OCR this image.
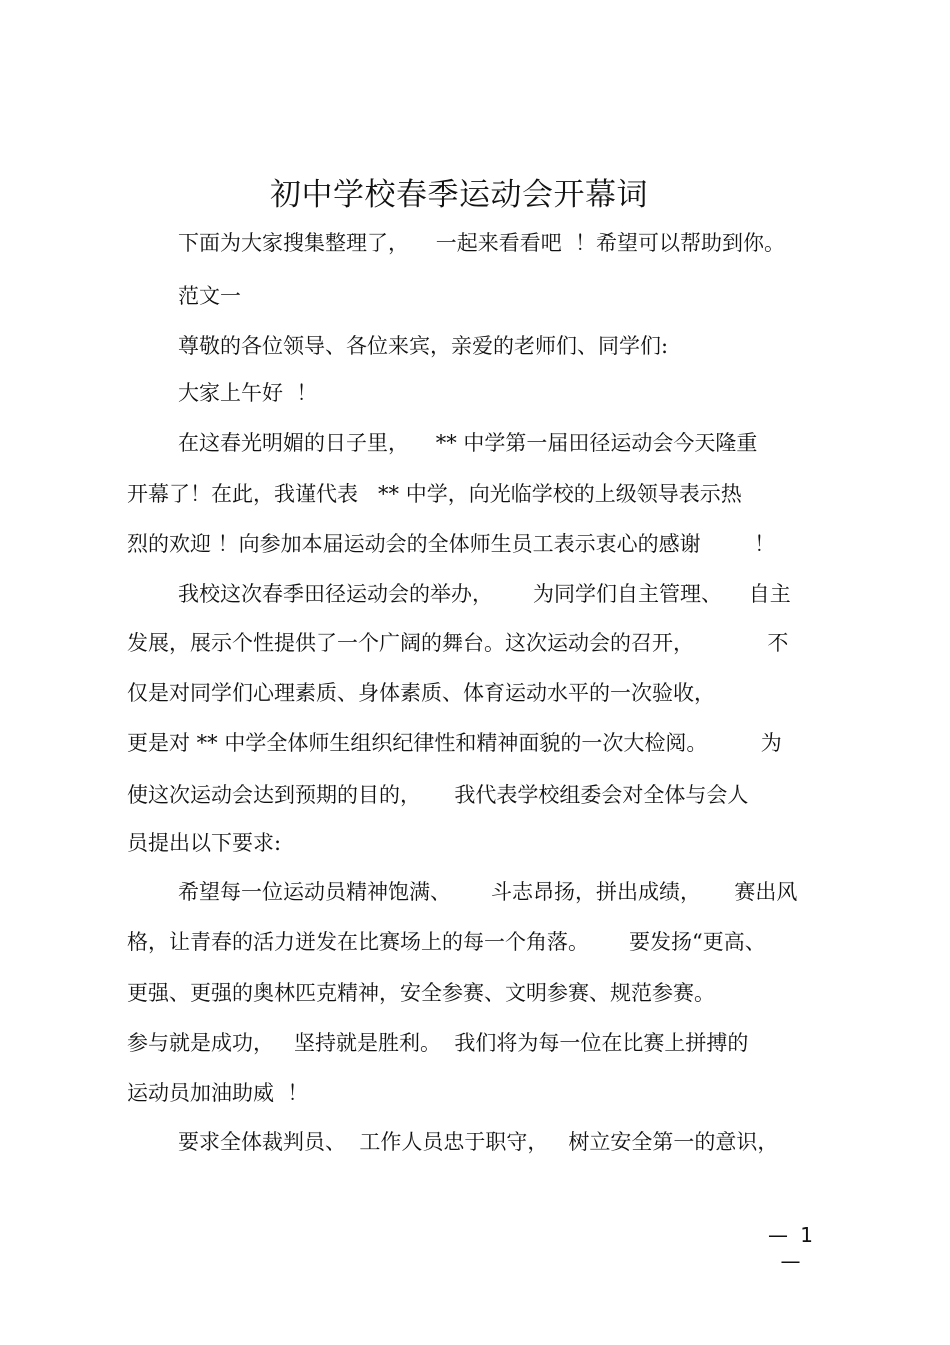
初中学校春季运动会开幕词
下面为大家搜集整理了，    一起来看看吧  ！希望可以帮助到你。
范文一
尊敬的各位领导、各位来宾，亲爱的老师们、同学们:
大家上午好  ！
在这春光明媚的日子里，    ** 中学第一届田径运动会今天隆重
开幕了！在此，我谨代表   ** 中学，向光临学校的上级领导表示热
烈的欢迎 ！向参加本届运动会的全体师生员工表示衷心的感谢        ！
我校这次春季田径运动会的举办，      为同学们自主管理、    自主
发展，展示个性提供了一个广阔的舞台。这次运动会的召开，           不
仅是对同学们心理素质、身体素质、体育运动水平的一次验收，
更是对 ** 中学全体师生组织纪律性和精神面貌的一次大检阅。        为
使这次运动会达到预期的目的，     我代表学校组委会对全体与会人
员提出以下要求:
希望每一位运动员精神饱满、      斗志昂扬，拼出成绩，     赛出风
格，让青春的活力迸发在比赛场上的每一个角落。      要发扬“更高、
更强、更强的奥林匹克精神，安全参赛、文明参赛、规范参赛。
参与就是成功，   坚持就是胜利。  我们将为每一位在比赛上拼搏的
运动员加油助威  ！
要求全体裁判员、  工作人员忠于职守，   树立安全第一的意识，
— 1 —
